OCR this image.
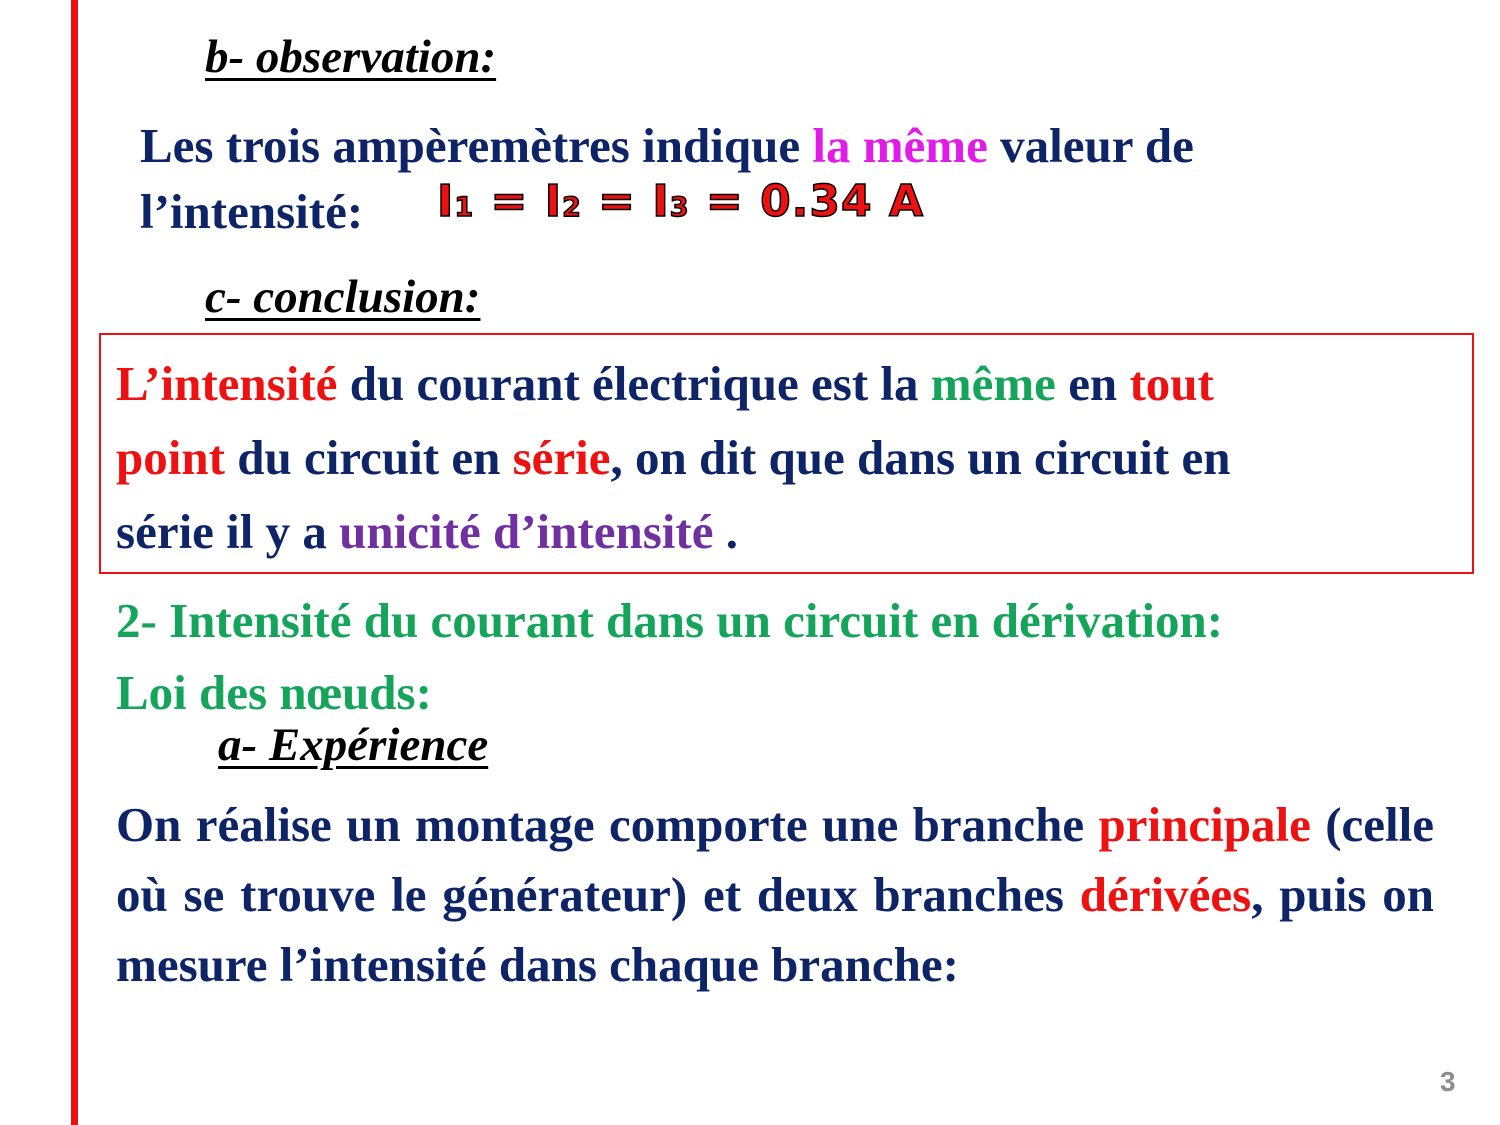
b- observation:
Les trois ampèremètres indique la même valeur de
l’intensité:	I1 = I2 = I3 = 0.34 A
c- conclusion:
L’intensité du courant électrique est la même en tout
point du circuit en série, on dit que dans un circuit en
série il y a unicité d’intensité .
2- Intensité du courant dans un circuit en dérivation:
Loi des nœuds:
a- Expérience
On réalise un montage comporte une branche principale (celle où se trouve le générateur) et deux branches dérivées, puis on mesure l’intensité dans chaque branche:
3
